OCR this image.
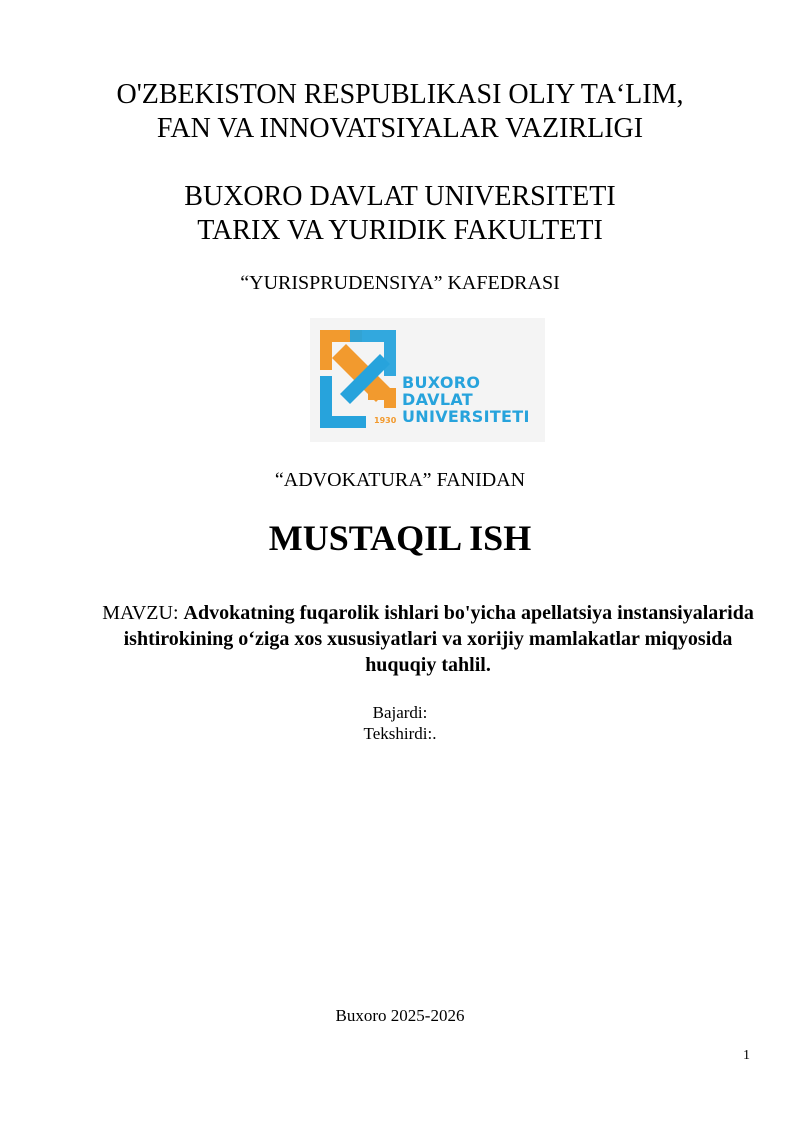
O'ZBEKISTON RESPUBLIKASI OLIY TA‘LIM,
FAN VA INNOVATSIYALAR VAZIRLIGI
BUXORO DAVLAT UNIVERSITETI
TARIX VA YURIDIK FAKULTETI
“YURISPRUDENSIYA” KAFEDRASI
BUXORO
DAVLAT
UNIVERSITETI
1930
“ADVOKATURA” FANIDAN
MUSTAQIL ISH
MAVZU: Advokatning fuqarolik ishlari bo'yicha apellatsiya instansiyalarida ishtirokining o‘ziga xos xususiyatlari va xorijiy mamlakatlar miqyosida huquqiy tahlil.
Bajardi:
Tekshirdi:.
Buxoro 2025-2026
1
